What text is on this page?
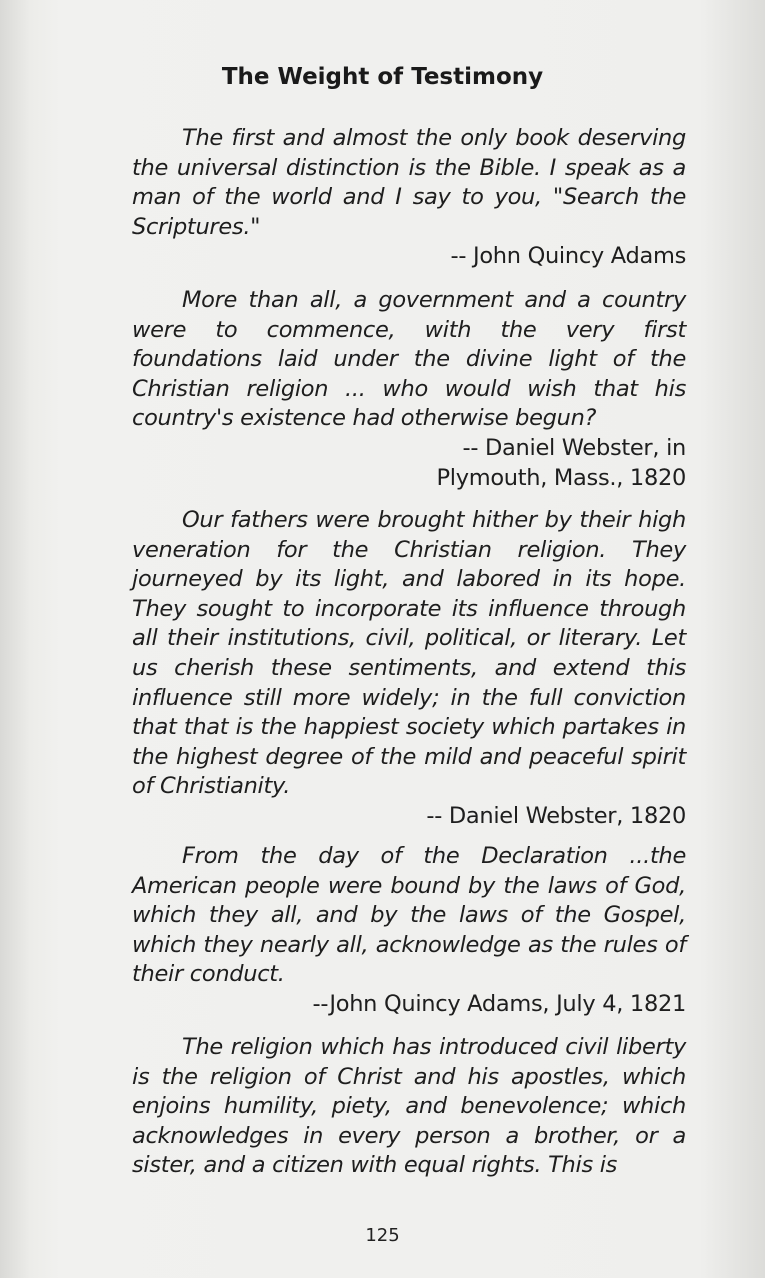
The Weight of Testimony

The first and almost the only book deserving the universal distinction is the Bible. I speak as a man of the world and I say to you, "Search the Scriptures."

-- John Quincy Adams

More than all, a government and a country were to commence, with the very first foundations laid under the divine light of the Christian religion ... who would wish that his country's existence had otherwise begun?

-- Daniel Webster, in
Plymouth, Mass., 1820

Our fathers were brought hither by their high veneration for the Christian religion. They journeyed by its light, and labored in its hope. They sought to incorporate its influence through all their institutions, civil, political, or literary. Let us cherish these sentiments, and extend this influence still more widely; in the full conviction that that is the happiest society which partakes in the highest degree of the mild and peaceful spirit of Christianity.

-- Daniel Webster, 1820

From the day of the Declaration ...the American people were bound by the laws of God, which they all, and by the laws of the Gospel, which they nearly all, acknowledge as the rules of their conduct.

--John Quincy Adams, July 4, 1821

The religion which has introduced civil liberty is the religion of Christ and his apostles, which enjoins humility, piety, and benevolence; which acknowledges in every person a brother, or a sister, and a citizen with equal rights. This is

125
